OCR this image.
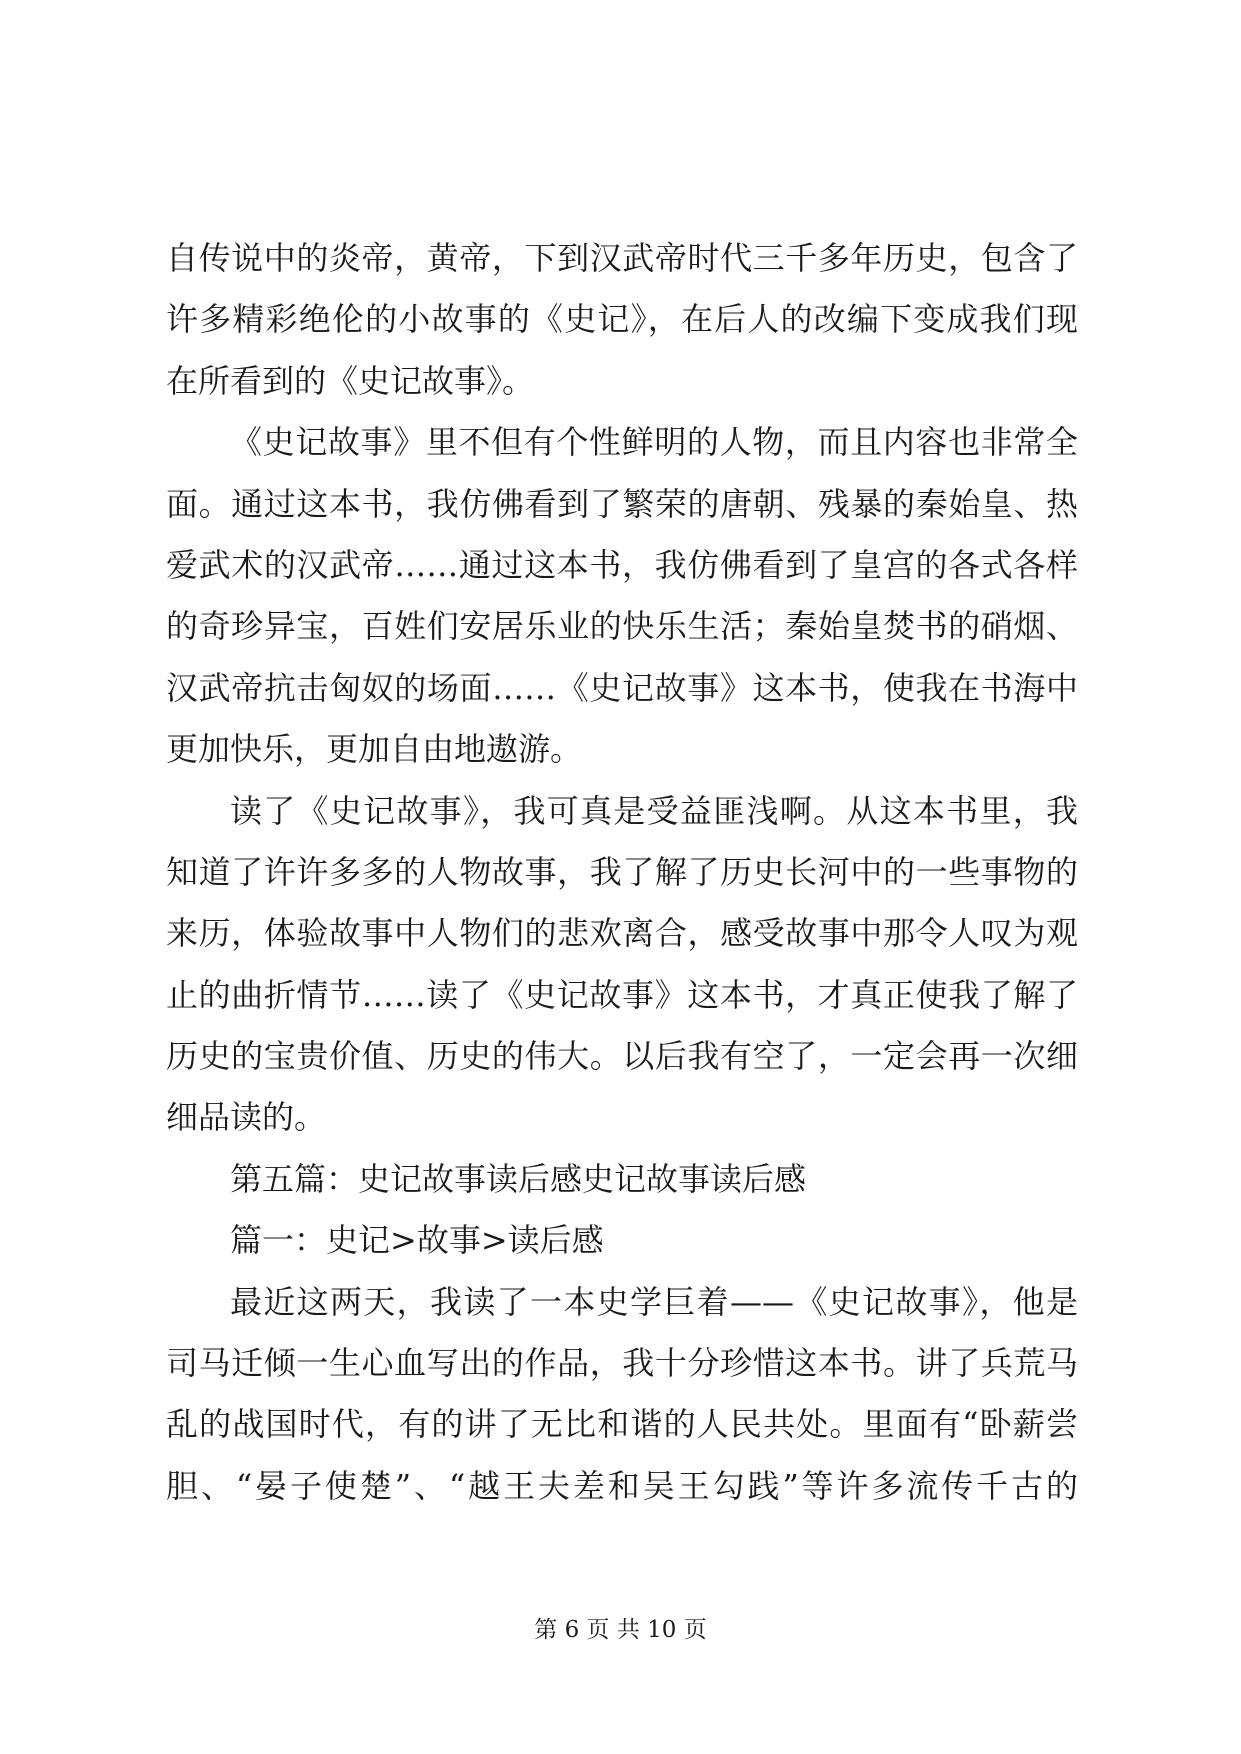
自传说中的炎帝，黄帝，下到汉武帝时代三千多年历史，包含了
许多精彩绝伦的小故事的《史记》，在后人的改编下变成我们现
在所看到的《史记故事》。
《史记故事》里不但有个性鲜明的人物，而且内容也非常全
面。通过这本书，我仿佛看到了繁荣的唐朝、残暴的秦始皇、热
爱武术的汉武帝……通过这本书，我仿佛看到了皇宫的各式各样
的奇珍异宝，百姓们安居乐业的快乐生活；秦始皇焚书的硝烟、
汉武帝抗击匈奴的场面……《史记故事》这本书，使我在书海中
更加快乐，更加自由地遨游。
读了《史记故事》，我可真是受益匪浅啊。从这本书里，我
知道了许许多多的人物故事，我了解了历史长河中的一些事物的
来历，体验故事中人物们的悲欢离合，感受故事中那令人叹为观
止的曲折情节……读了《史记故事》这本书，才真正使我了解了
历史的宝贵价值、历史的伟大。以后我有空了，一定会再一次细
细品读的。
第五篇：史记故事读后感史记故事读后感
篇一：史记>故事>读后感
最近这两天，我读了一本史学巨着——《史记故事》，他是
司马迁倾一生心血写出的作品，我十分珍惜这本书。讲了兵荒马
乱的战国时代，有的讲了无比和谐的人民共处。里面有“卧薪尝
胆、“晏子使楚”、“越王夫差和吴王勾践”等许多流传千古的
第 6 页 共 10 页
